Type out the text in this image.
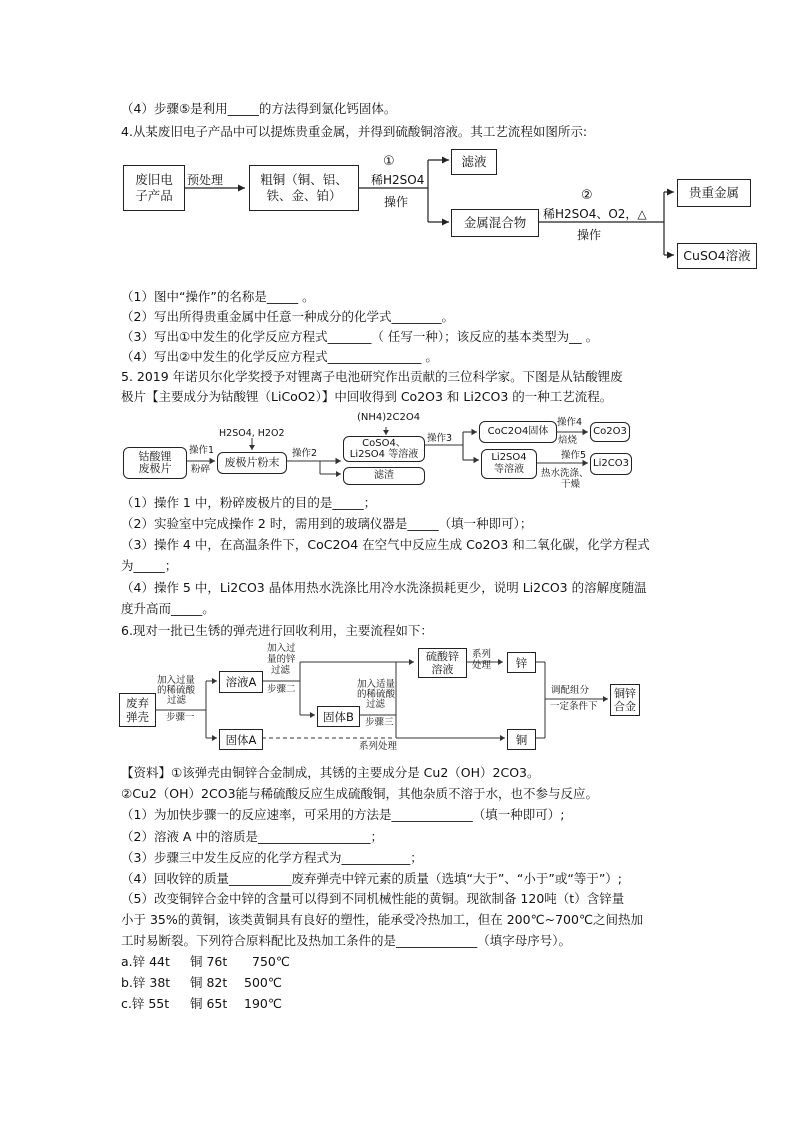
（4）步骤⑤是利用_____的方法得到氯化钙固体。
4.从某废旧电子产品中可以提炼贵重金属，并得到硫酸铜溶液。其工艺流程如图所示:
废旧电
子产品
预处理	粗铜（铜、铝、
铁、金、铂）
①
稀H2SO4
操作
滤液
金属混合物
②
稀H2SO4、O2，△
操作
贵重金属
CuSO4溶液
（1）图中“操作”的名称是_____ 。
（2）写出所得贵重金属中任意一种成分的化学式________。
（3）写出①中发生的化学反应方程式_______（ 任写一种）；该反应的基本类型为__ 。
（4）写出②中发生的化学反应方程式_______________ 。
5. 2019 年诺贝尔化学奖授予对锂离子电池研究作出贡献的三位科学家。下图是从钴酸锂废
极片【主要成分为钴酸锂（LiCoO2）】中回收得到 Co2O3 和 Li2CO3 的一种工艺流程。
钴酸锂
废极片
操作1
粉碎
H2SO4, H2O2
废极片粉末
操作2
(NH4)2C2O4
CoSO4、
Li2SO4 等溶液
滤渣
操作3
CoC2O4固体
操作4
焙烧
Co2O3
Li2SO4
等溶液
操作5
热水洗涤、
干燥
Li2CO3
（1）操作 1 中，粉碎废极片的目的是_____；
（2）实验室中完成操作 2 时，需用到的玻璃仪器是_____（填一种即可）；
（3）操作 4 中，在高温条件下，CoC2O4 在空气中反应生成 Co2O3 和二氧化碳，化学方程式
为_____；
（4）操作 5 中，Li2CO3 晶体用热水洗涤比用冷水洗涤损耗更少，说明 Li2CO3 的溶解度随温
度升高而_____。
6.现对一批已生锈的弹壳进行回收利用，主要流程如下：
废弃
弹壳
加入过量
的稀硫酸
过滤
步骤一
溶液A
加入过
量的锌
过滤
步骤二
硫酸锌
溶液
系列
处理	锌
加入适量
的稀硫酸
过滤
步骤三
固体B
固体A	系列处理	铜
调配组分
一定条件下
铜锌
合金
【资料】①该弹壳由铜锌合金制成，其锈的主要成分是 Cu2（OH）2CO3。
②Cu2（OH）2CO3能与稀硫酸反应生成硫酸铜，其他杂质不溶于水，也不参与反应。
（1）为加快步骤一的反应速率，可采用的方法是_____________（填一种即可）;
（2）溶液 A 中的溶质是__________________；
（3）步骤三中发生反应的化学方程式为___________；
（4）回收锌的质量__________废弃弹壳中锌元素的质量（选填“大于”、“小于”或“等于”）;
（5）改变铜锌合金中锌的含量可以得到不同机械性能的黄铜。现欲制备 120吨（t）含锌量
小于 35%的黄铜，该类黄铜具有良好的塑性，能承受冷热加工，但在 200℃~700℃之间热加
工时易断裂。下列符合原料配比及热加工条件的是_____________（填字母序号）。
a.锌 44t 铜 76t 750℃
b.锌 38t 铜 82t 500℃
c.锌 55t 铜 65t 190℃
